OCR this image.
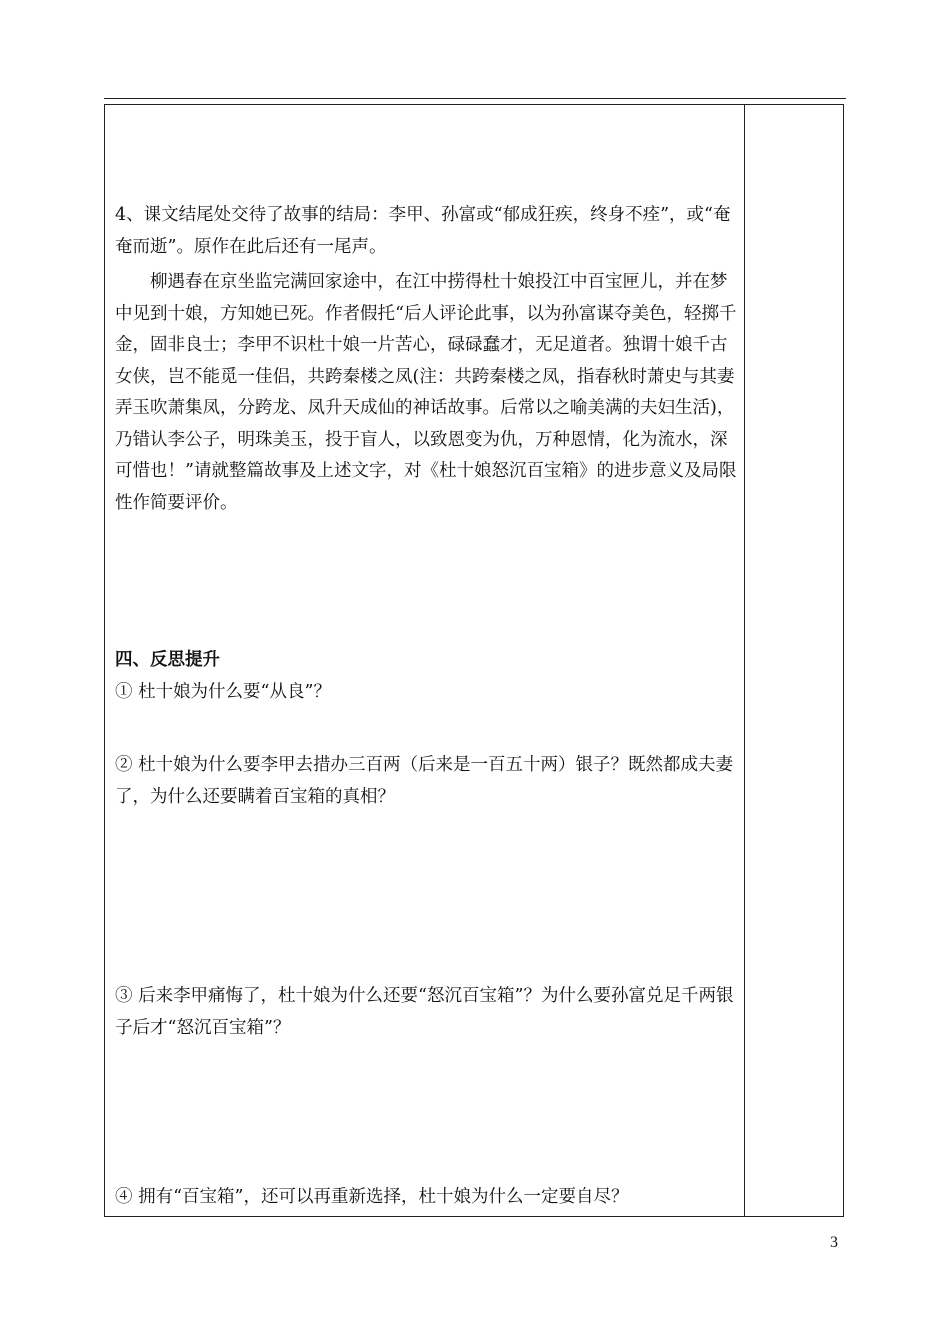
4、课文结尾处交待了故事的结局：李甲、孙富或“郁成狂疾，终身不痊”，或“奄奄而逝”。原作在此后还有一尾声。

柳遇春在京坐监完满回家途中，在江中捞得杜十娘投江中百宝匣儿，并在梦中见到十娘，方知她已死。作者假托“后人评论此事，以为孙富谋夺美色，轻掷千金，固非良士；李甲不识杜十娘一片苦心，碌碌蠢才，无足道者。独谓十娘千古女侠，岂不能觅一佳侣，共跨秦楼之凤(注：共跨秦楼之凤，指春秋时萧史与其妻弄玉吹萧集凤，分跨龙、凤升天成仙的神话故事。后常以之喻美满的夫妇生活)，乃错认李公子，明珠美玉，投于盲人，以致恩变为仇，万种恩情，化为流水，深可惜也！”请就整篇故事及上述文字，对《杜十娘怒沉百宝箱》的进步意义及局限性作简要评价。

四、反思提升

① 杜十娘为什么要“从良”？

② 杜十娘为什么要李甲去措办三百两（后来是一百五十两）银子？既然都成夫妻了，为什么还要瞒着百宝箱的真相？

③ 后来李甲痛悔了，杜十娘为什么还要“怒沉百宝箱”？为什么要孙富兑足千两银子后才“怒沉百宝箱”？

④ 拥有“百宝箱”，还可以再重新选择，杜十娘为什么一定要自尽？

3
